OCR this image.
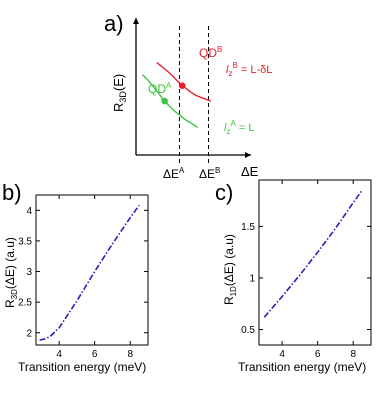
a)
$R_{3D}(E)$
ΔE
$\Delta E^A$ $\Delta E^B$
$QD^B$
$QD^A$
$l_z^B = L-\delta L$
$l_z^A = L$
b)
4	6	8
2
2.5
3
3.5
4
$R_{3D}(\Delta E)$ (a.u)
Transition energy (meV)
c)
4	6	8
0.5
1
1.5
$R_{1D}(\Delta E)$ (a.u)
Transition energy (meV)
